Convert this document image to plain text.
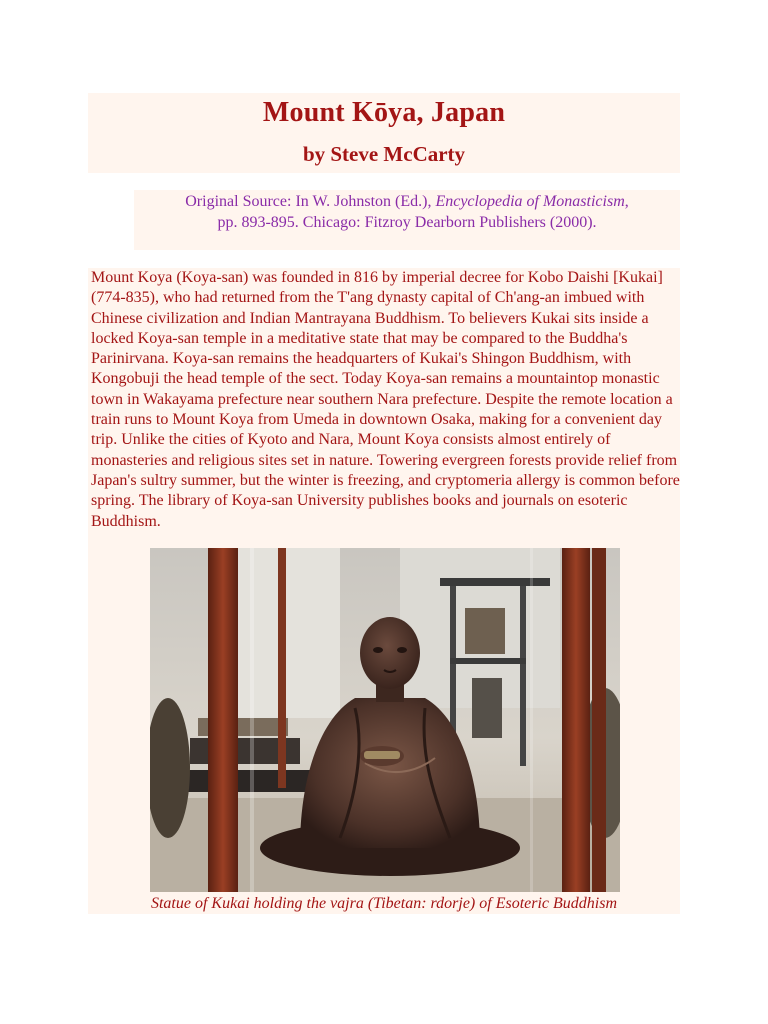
Mount Kōya, Japan
by Steve McCarty
Original Source: In W. Johnston (Ed.), Encyclopedia of Monasticism,
pp. 893-895. Chicago: Fitzroy Dearborn Publishers (2000).

Mount Koya (Koya-san) was founded in 816 by imperial decree for Kobo Daishi [Kukai] (774-835), who had returned from the T'ang dynasty capital of Ch'ang-an imbued with Chinese civilization and Indian Mantrayana Buddhism. To believers Kukai sits inside a locked Koya-san temple in a meditative state that may be compared to the Buddha's Parinirvana. Koya-san remains the headquarters of Kukai's Shingon Buddhism, with Kongobuji the head temple of the sect. Today Koya-san remains a mountaintop monastic town in Wakayama prefecture near southern Nara prefecture. Despite the remote location a train runs to Mount Koya from Umeda in downtown Osaka, making for a convenient day trip. Unlike the cities of Kyoto and Nara, Mount Koya consists almost entirely of monasteries and religious sites set in nature. Towering evergreen forests provide relief from Japan's sultry summer, but the winter is freezing, and cryptomeria allergy is common before spring. The library of Koya-san University publishes books and journals on esoteric Buddhism.

Statue of Kukai holding the vajra (Tibetan: rdorje) of Esoteric Buddhism
